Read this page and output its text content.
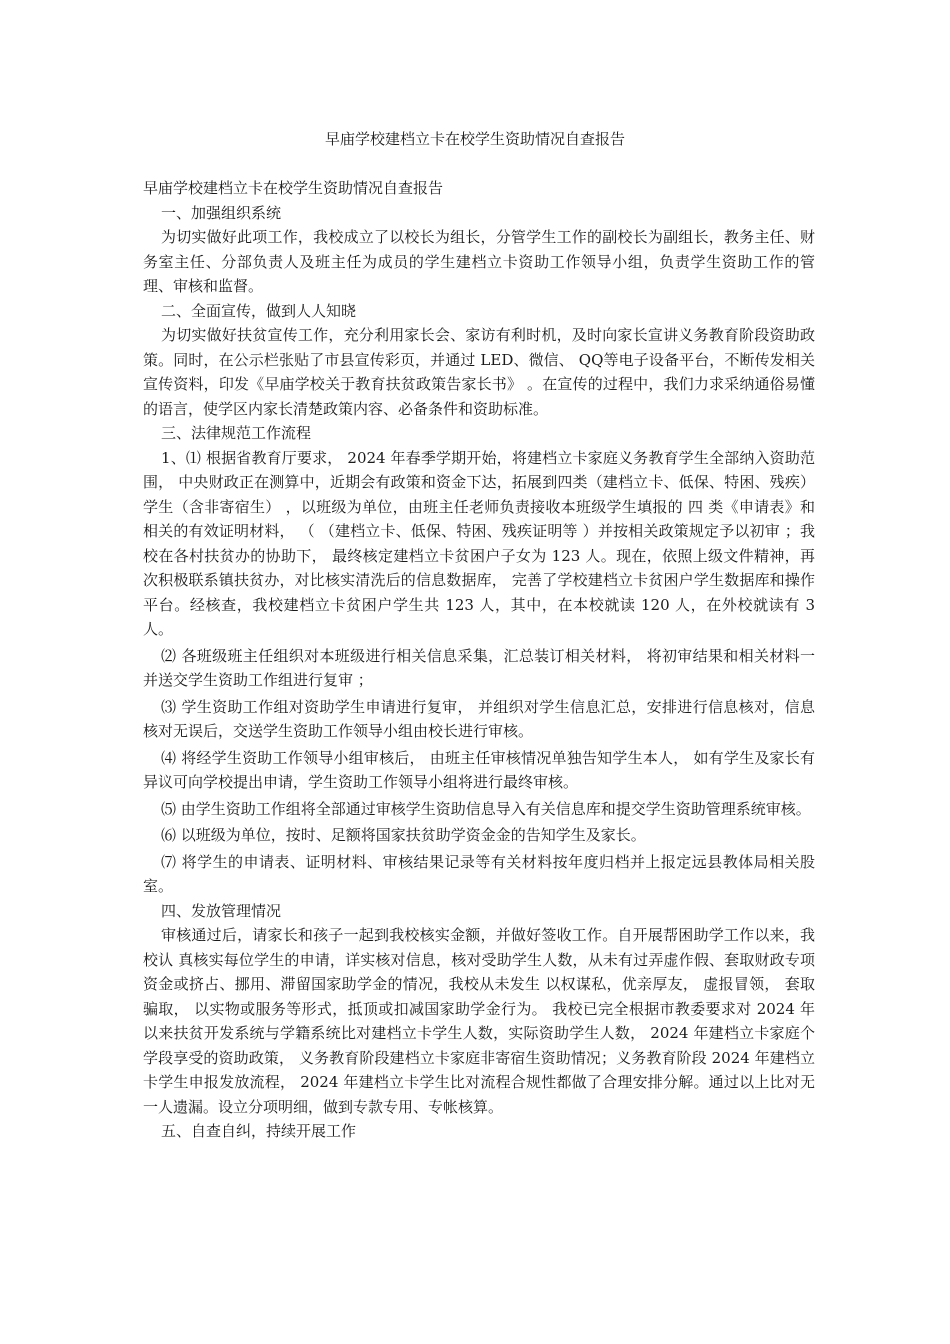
早庙学校建档立卡在校学生资助情况自查报告

早庙学校建档立卡在校学生资助情况自查报告

一、加强组织系统

为切实做好此项工作，我校成立了以校长为组长，分管学生工作的副校长为副组长，教务主任、财务室主任、分部负责人及班主任为成员的学生建档立卡资助工作领导小组，负责学生资助工作的管理、审核和监督。

二、全面宣传，做到人人知晓

为切实做好扶贫宣传工作，充分利用家长会、家访有利时机，及时向家长宣讲义务教育阶段资助政策。同时，在公示栏张贴了市县宣传彩页，并通过 LED、微信、 QQ等电子设备平台，不断传发相关宣传资料，印发《早庙学校关于教育扶贫政策告家长书》 。在宣传的过程中，我们力求采纳通俗易懂的语言，使学区内家长清楚政策内容、必备条件和资助标准。

三、法律规范工作流程

1、⑴ 根据省教育厅要求， 2024 年春季学期开始，将建档立卡家庭义务教育学生全部纳入资助范围， 中央财政正在测算中，近期会有政策和资金下达，拓展到四类（建档立卡、低保、特困、残疾）学生（含非寄宿生） ，以班级为单位，由班主任老师负责接收本班级学生填报的 四 类《申请表》和相关的有效证明材料， （ （建档立卡、低保、特困、残疾证明等 ）并按相关政策规定予以初审 ；我校在各村扶贫办的协助下， 最终核定建档立卡贫困户子女为 123 人。现在，依照上级文件精神，再次积极联系镇扶贫办，对比核实清洗后的信息数据库， 完善了学校建档立卡贫困户学生数据库和操作平台。经核查，我校建档立卡贫困户学生共 123 人，其中，在本校就读 120 人，在外校就读有 3 人。

⑵ 各班级班主任组织对本班级进行相关信息采集，汇总装订相关材料， 将初审结果和相关材料一并送交学生资助工作组进行复审 ；

⑶ 学生资助工作组对资助学生申请进行复审， 并组织对学生信息汇总，安排进行信息核对，信息核对无误后，交送学生资助工作领导小组由校长进行审核。

⑷ 将经学生资助工作领导小组审核后， 由班主任审核情况单独告知学生本人， 如有学生及家长有异议可向学校提出申请，学生资助工作领导小组将进行最终审核。

⑸ 由学生资助工作组将全部通过审核学生资助信息导入有关信息库和提交学生资助管理系统审核。

⑹ 以班级为单位，按时、足额将国家扶贫助学资金金的告知学生及家长。

⑺ 将学生的申请表、证明材料、审核结果记录等有关材料按年度归档并上报定远县教体局相关股室。

四、发放管理情况

审核通过后，请家长和孩子一起到我校核实金额，并做好签收工作。自开展帮困助学工作以来，我校认 真核实每位学生的申请，详实核对信息，核对受助学生人数，从未有过弄虚作假、套取财政专项资金或挤占、挪用、滞留国家助学金的情况，我校从未发生 以权谋私，优亲厚友， 虚报冒领， 套取骗取， 以实物或服务等形式，抵顶或扣减国家助学金行为。 我校已完全根据市教委要求对 2024 年以来扶贫开发系统与学籍系统比对建档立卡学生人数，实际资助学生人数， 2024 年建档立卡家庭个学段享受的资助政策， 义务教育阶段建档立卡家庭非寄宿生资助情况；义务教育阶段 2024 年建档立卡学生申报发放流程， 2024 年建档立卡学生比对流程合规性都做了合理安排分解。通过以上比对无一人遗漏。设立分项明细，做到专款专用、专帐核算。

五、自查自纠，持续开展工作
